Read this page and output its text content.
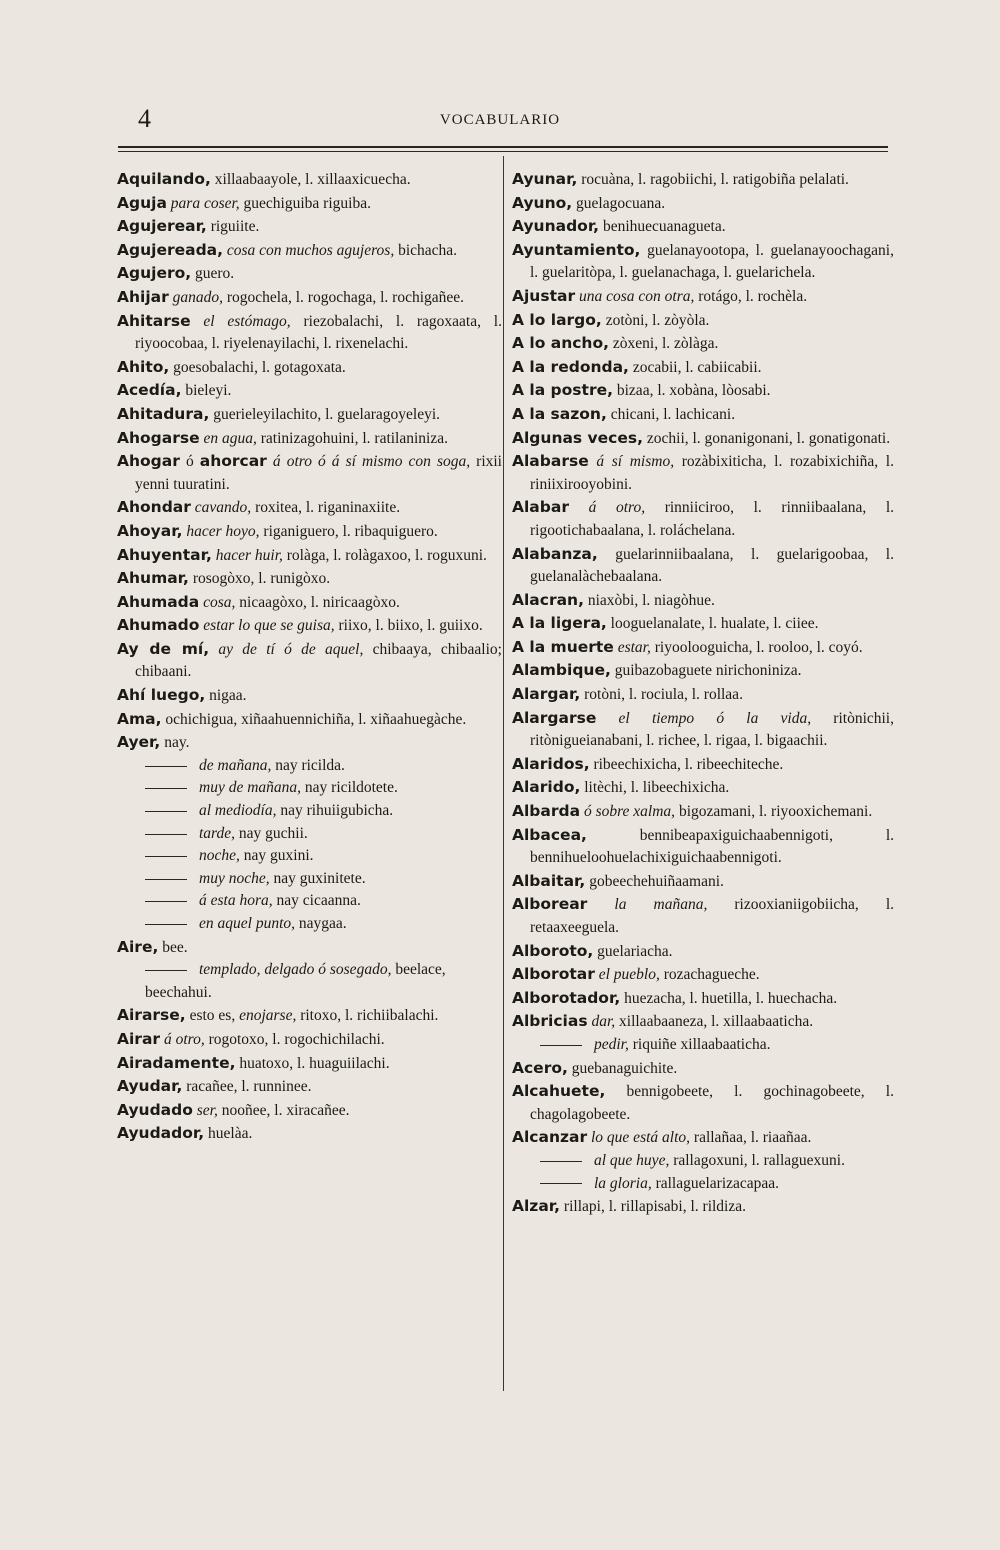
4	VOCABULARIO

Aquilando, xillaabaayole, l. xillaaxicuecha.

Aguja para coser, guechiguiba riguiba.

Agujerear, riguiite.

Agujereada, cosa con muchos agujeros, bichacha.

Agujero, guero.

Ahijar ganado, rogochela, l. rogochaga, l. rochigañee.

Ahitarse el estómago, riezobalachi, l. ragoxaata, l. riyoocobaa, l. riyelenayilachi, l. rixenelachi.

Ahito, goesobalachi, l. gotagoxata.

Acedía, bieleyi.

Ahitadura, guerieleyilachito, l. guelaragoyeleyi.

Ahogarse en agua, ratinizagohuini, l. ratilaniniza.

Ahogar ó ahorcar á otro ó á sí mismo con soga, rixii yenni tuuratini.

Ahondar cavando, roxitea, l. riganinaxiite.

Ahoyar, hacer hoyo, riganiguero, l. ribaquiguero.

Ahuyentar, hacer huir, rolàga, l. rolàgaxoo, l. roguxuni.

Ahumar, rosogòxo, l. runigòxo.

Ahumada cosa, nicaagòxo, l. niricaagòxo.

Ahumado estar lo que se guisa, riixo, l. biixo, l. guiixo.

Ay de mí, ay de tí ó de aquel, chibaaya, chibaalio; chibaani.

Ahí luego, nigaa.

Ama, ochichigua, xiñaahuennichiña, l. xiñaahuegàche.

Ayer, nay.

de mañana, nay ricilda.

muy de mañana, nay ricildotete.

al mediodía, nay rihuiigubicha.

tarde, nay guchii.

noche, nay guxini.

muy noche, nay guxinitete.

á esta hora, nay cicaanna.

en aquel punto, naygaa.

Aire, bee.

templado, delgado ó sosegado, beelace, beechahui.

Airarse, esto es, enojarse, ritoxo, l. richiibalachi.

Airar á otro, rogotoxo, l. rogochichilachi.

Airadamente, huatoxo, l. huaguiilachi.

Ayudar, racañee, l. runninee.

Ayudado ser, nooñee, l. xiracañee.

Ayudador, huelàa.

Ayunar, rocuàna, l. ragobiichi, l. ratigobiña pelalati.

Ayuno, guelagocuana.

Ayunador, benihuecuanagueta.

Ayuntamiento, guelanayootopa, l. guelanayoochagani, l. guelaritòpa, l. guelanachaga, l. guelarichela.

Ajustar una cosa con otra, rotágo, l. rochèla.

A lo largo, zotòni, l. zòyòla.

A lo ancho, zòxeni, l. zòlàga.

A la redonda, zocabii, l. cabiicabii.

A la postre, bizaa, l. xobàna, lòosabi.

A la sazon, chicani, l. lachicani.

Algunas veces, zochii, l. gonanigonani, l. gonatigonati.

Alabarse á sí mismo, rozàbixiticha, l. rozabixichiña, l. riniixirooyobini.

Alabar á otro, rinniiciroo, l. rinniibaalana, l. rigootichabaalana, l. roláchelana.

Alabanza, guelarinniibaalana, l. guelarigoobaa, l. guelanalàchebaalana.

Alacran, niaxòbi, l. niagòhue.

A la ligera, looguelanalate, l. hualate, l. ciiee.

A la muerte estar, riyoolooguicha, l. rooloo, l. coyó.

Alambique, guibazobaguete nirichoniniza.

Alargar, rotòni, l. rociula, l. rollaa.

Alargarse el tiempo ó la vida, ritònichii, ritònigueianabani, l. richee, l. rigaa, l. bigaachii.

Alaridos, ribeechixicha, l. ribeechiteche.

Alarido, litèchi, l. libeechixicha.

Albarda ó sobre xalma, bigozamani, l. riyooxichemani.

Albacea, bennibeapaxiguichaabennigoti, l. bennihueloohuelachixiguichaabennigoti.

Albaitar, gobeechehuiñaamani.

Alborear la mañana, rizooxianiigobiicha, l. retaaxeeguela.

Alboroto, guelariacha.

Alborotar el pueblo, rozachagueche.

Alborotador, huezacha, l. huetilla, l. huechacha.

Albricias dar, xillaabaaneza, l. xillaabaaticha.

pedir, riquiñe xillaabaaticha.

Acero, guebanaguichite.

Alcahuete, bennigobeete, l. gochinagobeete, l. chagolagobeete.

Alcanzar lo que está alto, rallañaa, l. riaañaa.

al que huye, rallagoxuni, l. rallaguexuni.

la gloria, rallaguelarizacapaa.

Alzar, rillapi, l. rillapisabi, l. rildiza.
